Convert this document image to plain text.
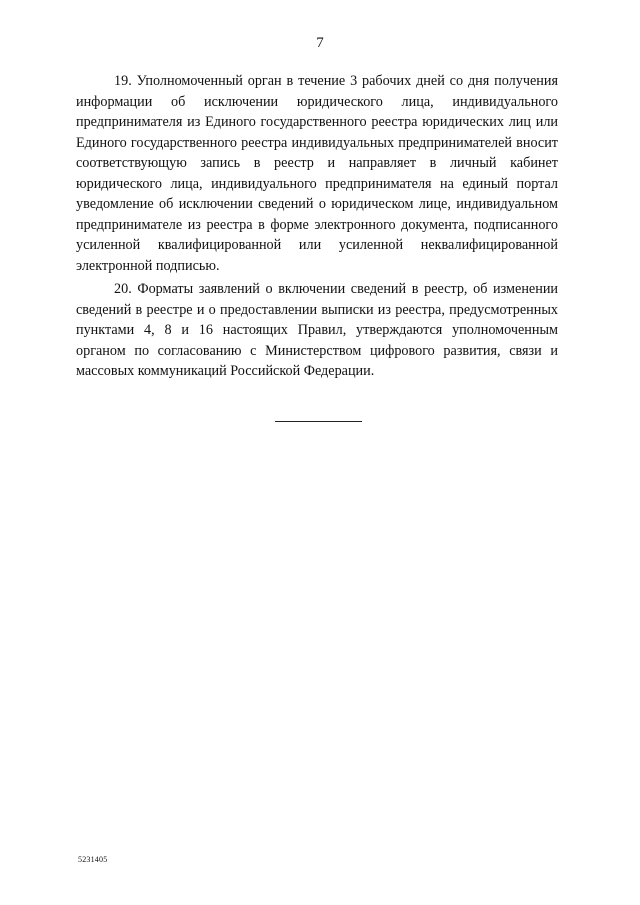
7

19. Уполномоченный орган в течение 3 рабочих дней со дня получения информации об исключении юридического лица, индивидуального предпринимателя из Единого государственного реестра юридических лиц или Единого государственного реестра индивидуальных предпринимателей вносит соответствующую запись в реестр и направляет в личный кабинет юридического лица, индивидуального предпринимателя на единый портал уведомление об исключении сведений о юридическом лице, индивидуальном предпринимателе из реестра в форме электронного документа, подписанного усиленной квалифицированной или усиленной неквалифицированной электронной подписью.

20. Форматы заявлений о включении сведений в реестр, об изменении сведений в реестре и о предоставлении выписки из реестра, предусмотренных пунктами 4, 8 и 16 настоящих Правил, утверждаются уполномоченным органом по согласованию с Министерством цифрового развития, связи и массовых коммуникаций Российской Федерации.

5231405
